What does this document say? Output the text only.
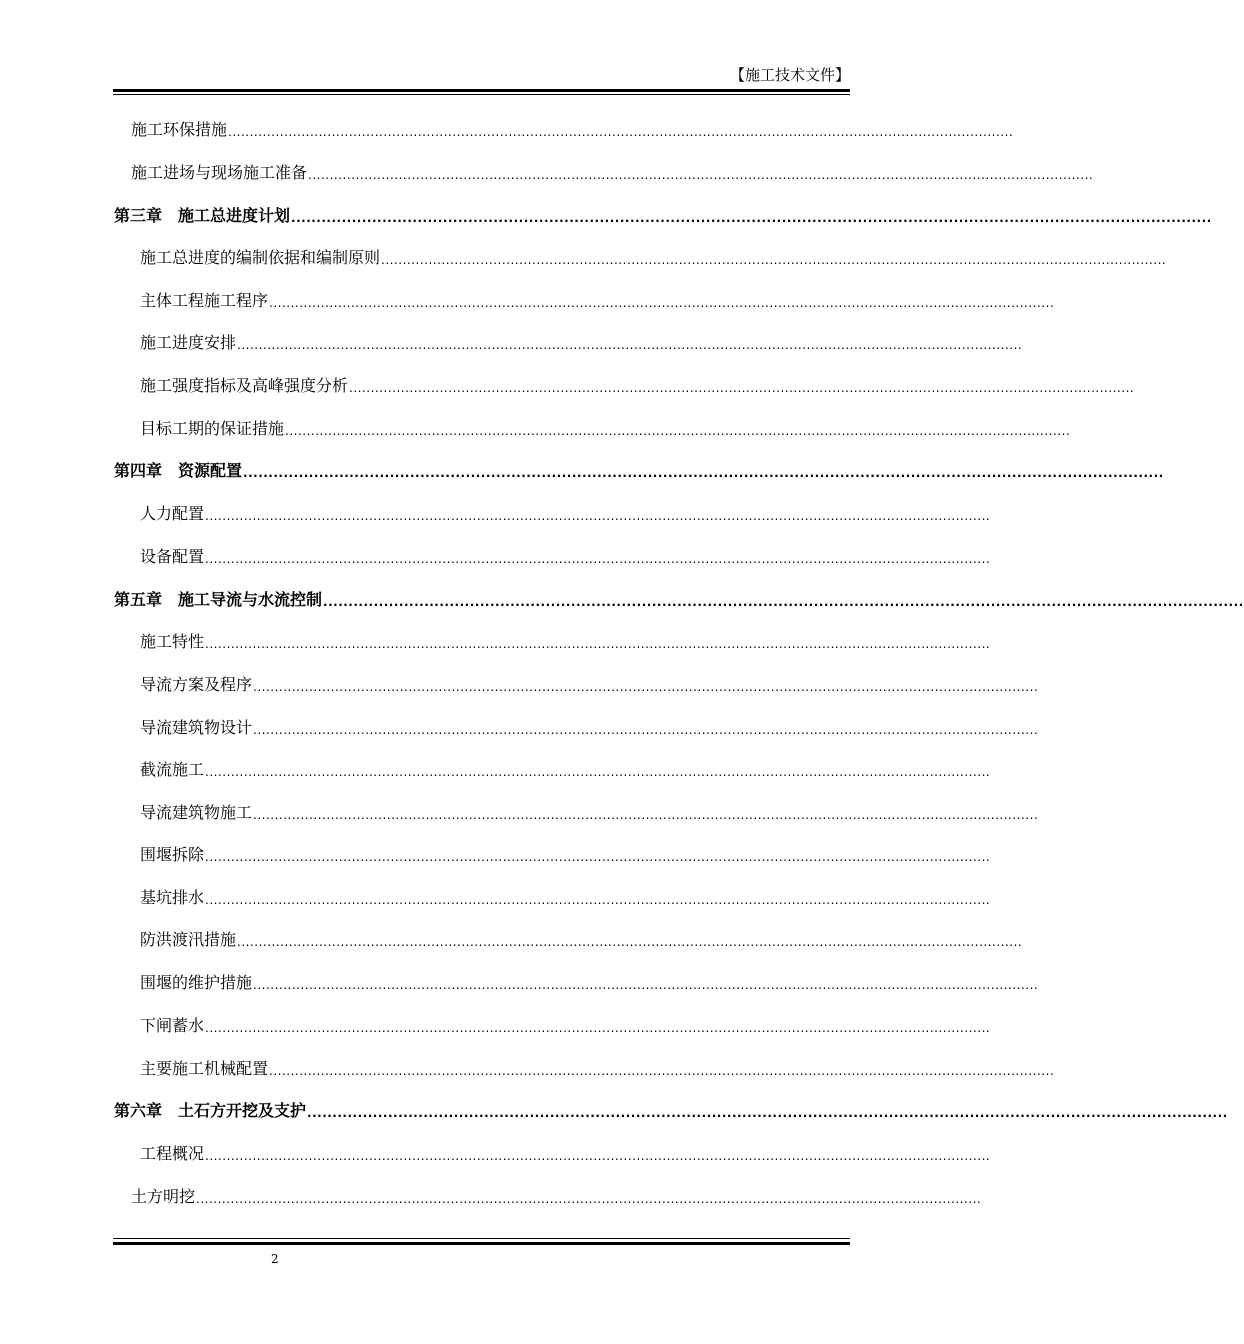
【施工技术文件】
施工环保措施 ......................................................................................................................................................................................
施工进场与现场施工准备 ......................................................................................................................................................................................
第三章　施工总进度计划 ......................................................................................................................................................................................
施工总进度的编制依据和编制原则 ......................................................................................................................................................................................
主体工程施工程序 ......................................................................................................................................................................................
施工进度安排 ......................................................................................................................................................................................
施工强度指标及高峰强度分析 ......................................................................................................................................................................................
目标工期的保证措施 ......................................................................................................................................................................................
第四章　资源配置 ......................................................................................................................................................................................
人力配置 ......................................................................................................................................................................................
设备配置 ......................................................................................................................................................................................
第五章　施工导流与水流控制 ......................................................................................................................................................................................
施工特性 ......................................................................................................................................................................................
导流方案及程序 ......................................................................................................................................................................................
导流建筑物设计 ......................................................................................................................................................................................
截流施工 ......................................................................................................................................................................................
导流建筑物施工 ......................................................................................................................................................................................
围堰拆除 ......................................................................................................................................................................................
基坑排水 ......................................................................................................................................................................................
防洪渡汛措施 ......................................................................................................................................................................................
围堰的维护措施 ......................................................................................................................................................................................
下闸蓄水 ......................................................................................................................................................................................
主要施工机械配置 ......................................................................................................................................................................................
第六章　土石方开挖及支护 ......................................................................................................................................................................................
工程概况 ......................................................................................................................................................................................
土方明挖 ......................................................................................................................................................................................
2
